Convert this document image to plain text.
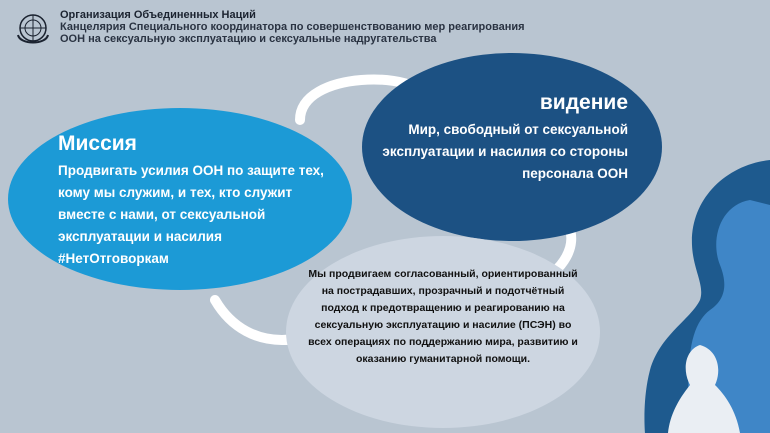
Организация Объединенных Наций
Канцелярия Специального координатора по совершенствованию мер реагирования
ООН на сексуальную эксплуатацию и сексуальные надругательства
видение
Мир, свободный от сексуальной эксплуатации и насилия со стороны персонала ООН
Миссия
Продвигать усилия ООН по защите тех, кому мы служим, и тех, кто служит вместе с нами, от сексуальной эксплуатации и насилия #НетОтговоркам
Мы продвигаем согласованный, ориентированный на пострадавших, прозрачный и подотчётный подход к предотвращению и реагированию на сексуальную эксплуатацию и насилие (ПСЭН) во всех операциях по поддержанию мира, развитию и оказанию гуманитарной помощи.
